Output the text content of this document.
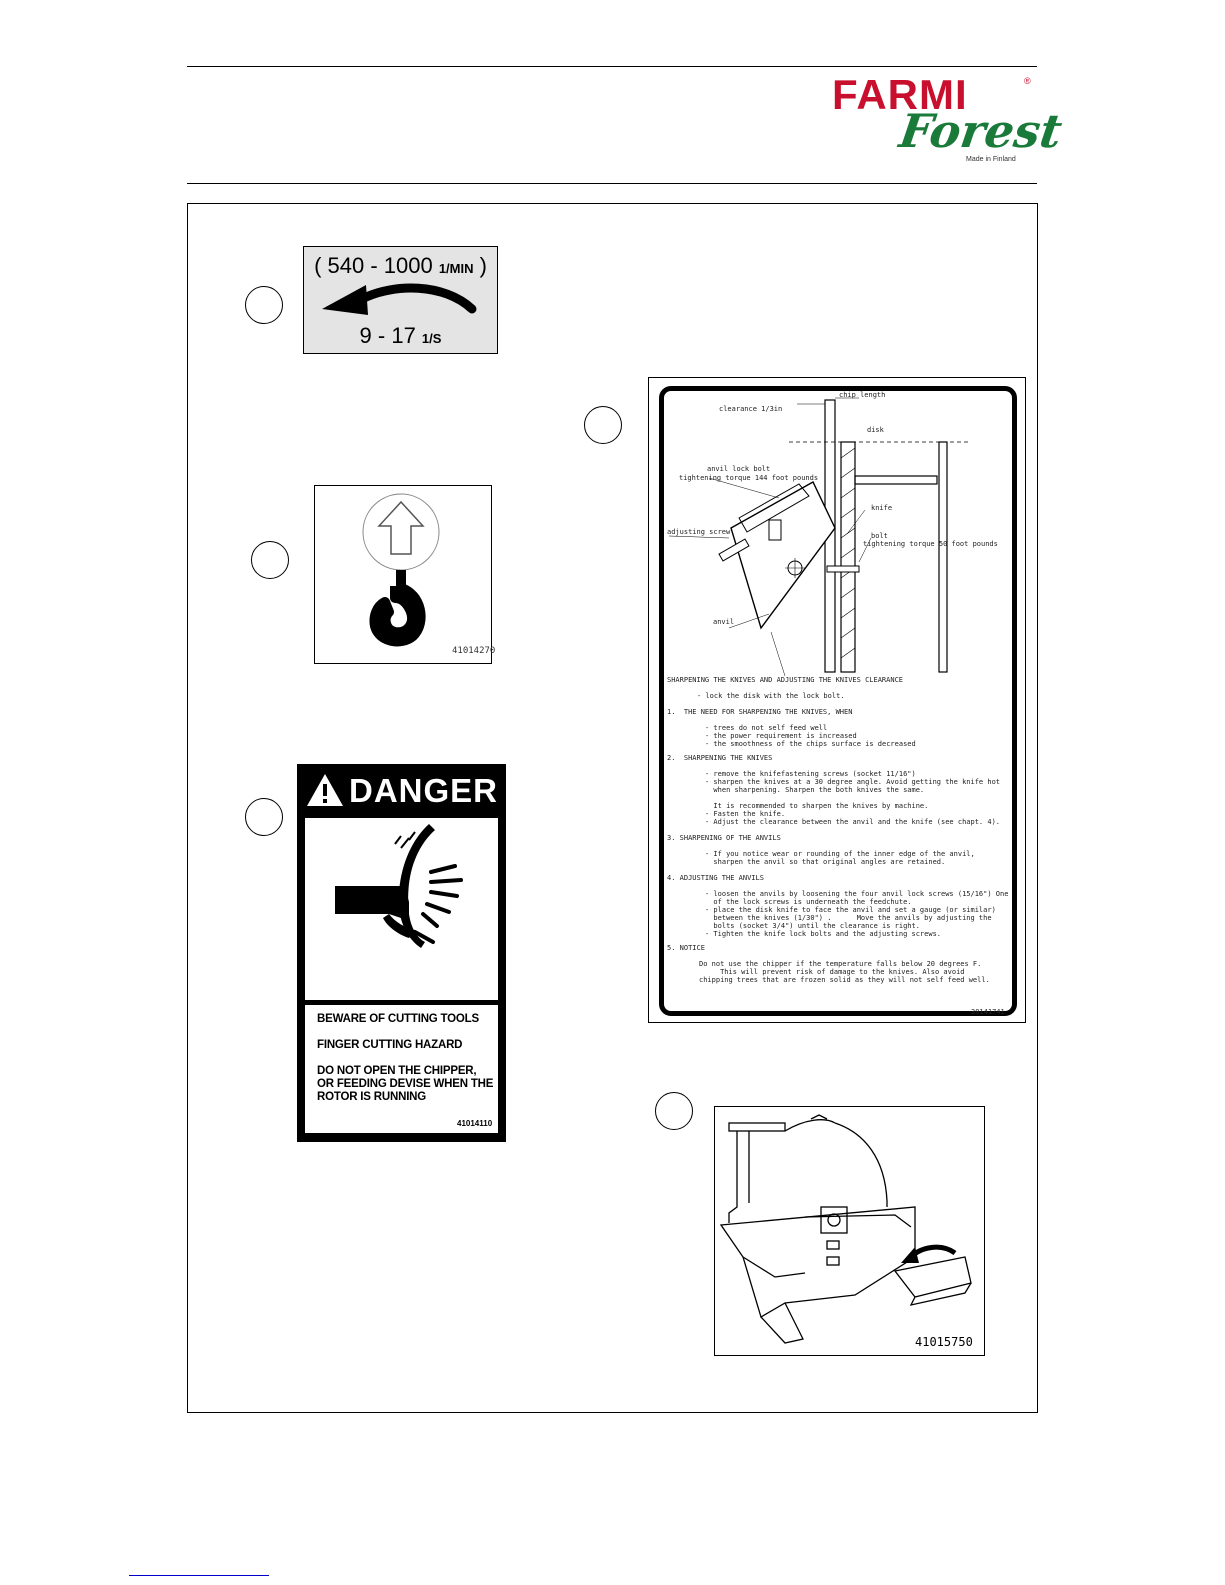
FARMI	®
Forest
Made in Finland
( 540 - 1000 1/MIN )
9 - 17 1/S
41014270
DANGER
BEWARE OF CUTTING TOOLS
FINGER CUTTING HAZARD
DO NOT OPEN THE CHIPPER,
OR FEEDING DEVISE WHEN THE
ROTOR IS RUNNING
41014110
chip length
clearance 1/3in
disk
anvil lock bolt
tightening torque 144 foot pounds
adjusting screw
knife
bolt
tightening torque 50 foot pounds
anvil
SHARPENING THE KNIVES AND ADJUSTING THE KNIVES CLEARANCE
- lock the disk with the lock bolt.
1.  THE NEED FOR SHARPENING THE KNIVES, WHEN
- trees do not self feed well
- the power requirement is increased
- the smoothness of the chips surface is decreased
2.  SHARPENING THE KNIVES
- remove the knifefastening screws (socket 11/16")
- sharpen the knives at a 30 degree angle. Avoid getting the knife hot
when sharpening. Sharpen the both knives the same.
It is recommended to sharpen the knives by machine.
- Fasten the knife.
- Adjust the clearance between the anvil and the knife (see chapt. 4).
3. SHARPENING OF THE ANVILS
- If you notice wear or rounding of the inner edge of the anvil,
sharpen the anvil so that original angles are retained.
4. ADJUSTING THE ANVILS
- loosen the anvils by loosening the four anvil lock screws (15/16") One
of the lock screws is underneath the feedchute.
- place the disk knife to face the anvil and set a gauge (or similar)
between the knives (1/30") .      Move the anvils by adjusting the
bolts (socket 3/4") until the clearance is right.
- Tighten the knife lock bolts and the adjusting screws.
5. NOTICE
Do not use the chipper if the temperature falls below 20 degrees F.
This will prevent risk of damage to the knives. Also avoid
chipping trees that are frozen solid as they will not self feed well.
30141741
41015750
